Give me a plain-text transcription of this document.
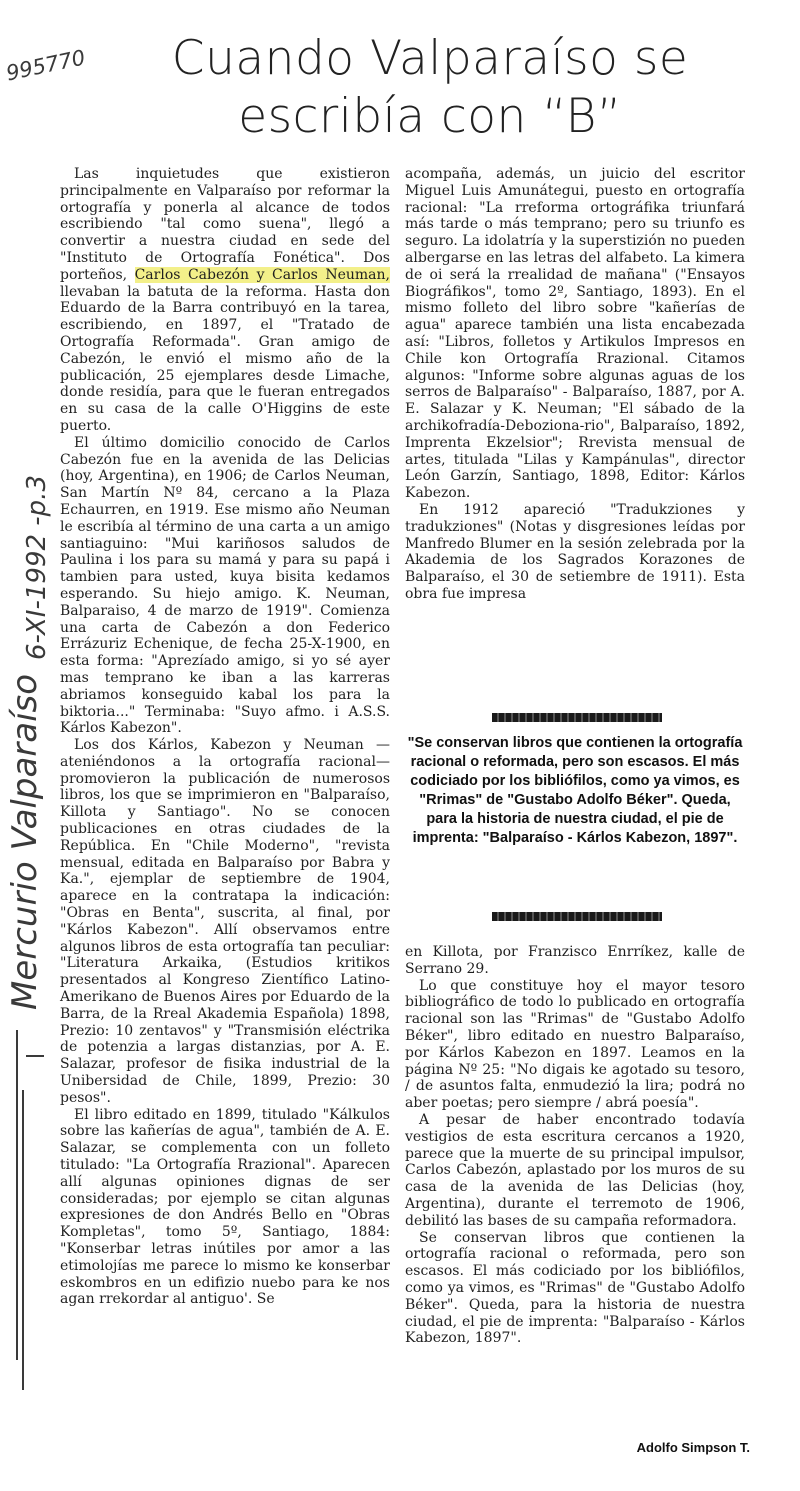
995770	Cuando Valparaíso se escribía con “B”
Mercurio Valparaíso
6-XI-1992 -p.3

Las inquietudes que existieron principalmente en Valparaíso por reformar la ortografía y ponerla al alcance de todos escribiendo "tal como suena", llegó a convertir a nuestra ciudad en sede del "Instituto de Ortografía Fonética". Dos porteños, Carlos Cabezón y Carlos Neuman, llevaban la batuta de la reforma. Hasta don Eduardo de la Barra contribuyó en la tarea, escribiendo, en 1897, el "Tratado de Ortografía Reformada". Gran amigo de Cabezón, le envió el mismo año de la publicación, 25 ejemplares desde Limache, donde residía, para que le fueran entregados en su casa de la calle O'Higgins de este puerto.

El último domicilio conocido de Carlos Cabezón fue en la avenida de las Delicias (hoy, Argentina), en 1906; de Carlos Neuman, San Martín Nº 84, cercano a la Plaza Echaurren, en 1919. Ese mismo año Neuman le escribía al término de una carta a un amigo santiaguino: "Mui kariñosos saludos de Paulina i los para su mamá y para su papá i tambien para usted, kuya bisita kedamos esperando. Su hiejo amigo. K. Neuman, Balparaiso, 4 de marzo de 1919". Comienza una carta de Cabezón a don Federico Errázuriz Echenique, de fecha 25-X-1900, en esta forma: "Aprezíado amigo, si yo sé ayer mas temprano ke iban a las karreras abriamos konseguido kabal los para la biktoria..." Terminaba: "Suyo afmo. i A.S.S. Kárlos Kabezon".

Los dos Kárlos, Kabezon y Neuman —ateniéndonos a la ortografía racional— promovieron la publicación de numerosos libros, los que se imprimieron en "Balparaíso, Killota y Santiago". No se conocen publicaciones en otras ciudades de la República. En "Chile Moderno", "revista mensual, editada en Balparaíso por Babra y Ka.", ejemplar de septiembre de 1904, aparece en la contratapa la indicación: "Obras en Benta", suscrita, al final, por "Kárlos Kabezon". Allí observamos entre algunos libros de esta ortografía tan peculiar: "Literatura Arkaika, (Estudios kritikos presentados al Kongreso Zientífico Latino-Amerikano de Buenos Aires por Eduardo de la Barra, de la Rreal Akademia Española) 1898, Prezio: 10 zentavos" y "Transmisión eléctrika de potenzia a largas distanzias, por A. E. Salazar, profesor de fisika industrial de la Unibersidad de Chile, 1899, Prezio: 30 pesos".

El libro editado en 1899, titulado "Kálkulos sobre las kañerías de agua", también de A. E. Salazar, se complementa con un folleto titulado: "La Ortografía Rrazional". Aparecen allí algunas opiniones dignas de ser consideradas; por ejemplo se citan algunas expresiones de don Andrés Bello en "Obras Kompletas", tomo 5º, Santiago, 1884: "Konserbar letras inútiles por amor a las etimolojías me parece lo mismo ke konserbar eskombros en un edifizio nuebo para ke nos agan rrekordar al antiguo'. Se

acompaña, además, un juicio del escritor Miguel Luis Amunátegui, puesto en ortografía racional: "La rreforma ortográfika triunfará más tarde o más temprano; pero su triunfo es seguro. La idolatría y la superstizión no pueden albergarse en las letras del alfabeto. La kimera de oi será la rrealidad de mañana" ("Ensayos Biográfikos", tomo 2º, Santiago, 1893). En el mismo folleto del libro sobre "kañerías de agua" aparece también una lista encabezada así: "Libros, folletos y Artikulos Impresos en Chile kon Ortografía Rrazional. Citamos algunos: "Informe sobre algunas aguas de los serros de Balparaíso" - Balparaíso, 1887, por A. E. Salazar y K. Neuman; "El sábado de la archikofradía-Deboziona-rio", Balparaíso, 1892, Imprenta Ekzelsior"; Rrevista mensual de artes, titulada "Lilas y Kampánulas", director León Garzín, Santiago, 1898, Editor: Kárlos Kabezon.

En 1912 apareció "Tradukziones y tradukziones" (Notas y disgresiones leídas por Manfredo Blumer en la sesión zelebrada por la Akademia de los Sagrados Korazones de Balparaíso, el 30 de setiembre de 1911). Esta obra fue impresa

"Se conservan libros que contienen la ortografía racional o reformada, pero son escasos. El más codiciado por los bibliófilos, como ya vimos, es "Rrimas" de "Gustabo Adolfo Béker". Queda, para la historia de nuestra ciudad, el pie de imprenta: "Balparaíso - Kárlos Kabezon, 1897".

en Killota, por Franzisco Enrríkez, kalle de Serrano 29.

Lo que constituye hoy el mayor tesoro bibliográfico de todo lo publicado en ortografía racional son las "Rrimas" de "Gustabo Adolfo Béker", libro editado en nuestro Balparaíso, por Kárlos Kabezon en 1897. Leamos en la página Nº 25: "No digais ke agotado su tesoro, / de asuntos falta, enmudezió la lira; podrá no aber poetas; pero siempre / abrá poesía".

A pesar de haber encontrado todavía vestigios de esta escritura cercanos a 1920, parece que la muerte de su principal impulsor, Carlos Cabezón, aplastado por los muros de su casa de la avenida de las Delicias (hoy, Argentina), durante el terremoto de 1906, debilitó las bases de su campaña reformadora.

Se conservan libros que contienen la ortografía racional o reformada, pero son escasos. El más codiciado por los bibliófilos, como ya vimos, es "Rrimas" de "Gustabo Adolfo Béker". Queda, para la historia de nuestra ciudad, el pie de imprenta: "Balparaíso - Kárlos Kabezon, 1897".

Adolfo Simpson T.
